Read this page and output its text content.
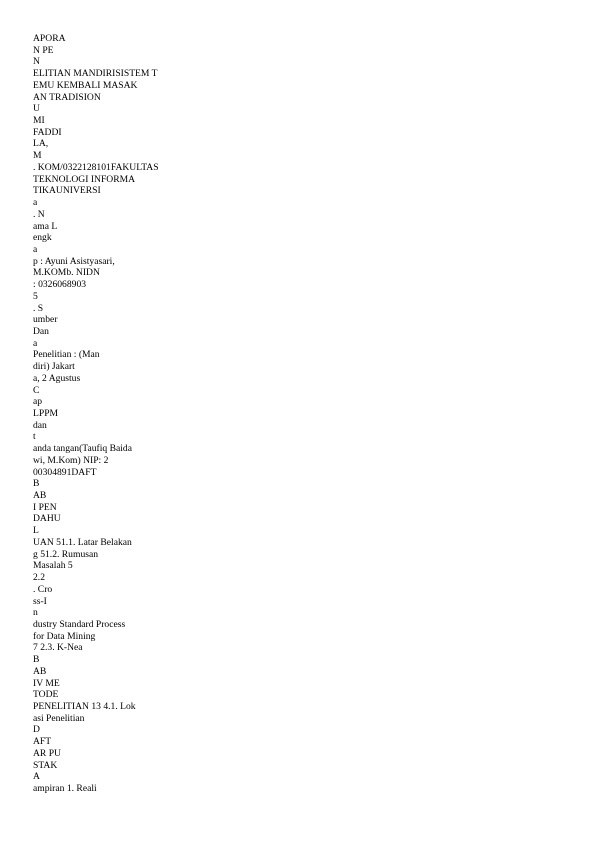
APORA
N PE
N
ELITIAN MANDIRISISTEM T
EMU KEMBALI MASAK
AN TRADISION
U
MI
FADDI
LA,
M
. KOM/0322128101FAKULTAS
TEKNOLOGI INFORMA
TIKAUNIVERSI
a
. N
ama L
engk
a
p : Ayuni Asistyasari,
M.KOMb. NIDN
: 0326068903
5
. S
umber
Dan
a
Penelitian : (Man
diri) Jakart
a, 2 Agustus
C
ap
LPPM
dan
t
anda tangan(Taufiq Baida
wi, M.Kom) NIP: 2
00304891DAFT
B
AB
I PEN
DAHU
L
UAN 51.1. Latar Belakan
g 51.2. Rumusan
Masalah 5
2.2
. Cro
ss-I
n
dustry Standard Process
for Data Mining
7 2.3. K-Nea
B
AB
IV ME
TODE
PENELITIAN 13 4.1. Lok
asi Penelitian
D
AFT
AR PU
STAK
A
ampiran 1. Reali
